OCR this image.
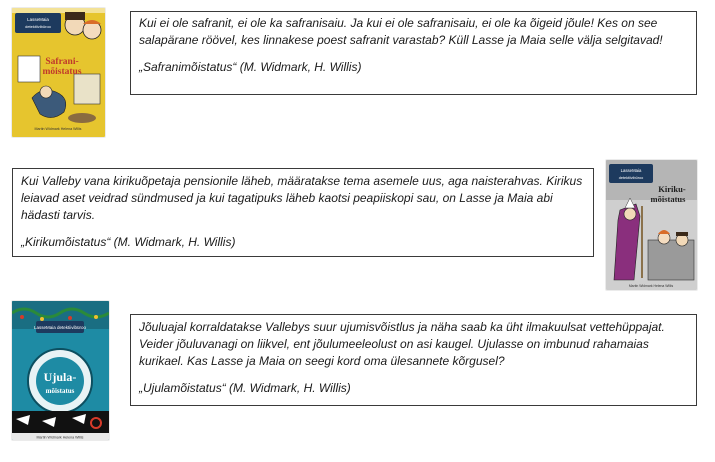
LasseMaia
detektiivibüroo
Safrani-
mõistatus
Martin Widmark Helena Willis

Kui ei ole safranit, ei ole ka safranisaiu. Ja kui ei ole safranisaiu, ei ole ka õigeid jõule! Kes on see salapärane röövel, kes linnakese poest safranit varastab? Küll Lasse ja Maia selle välja selgitavad!

„Safranimõistatus“ (M. Widmark, H. Willis)

Kui Valleby vana kirikuõpetaja pensionile läheb, määratakse tema asemele uus, aga naisterahvas. Kirikus leiavad aset veidrad sündmused ja kui tagatipuks läheb kaotsi peapiiskopi sau, on Lasse ja Maia abi hädasti tarvis.

„Kirikumõistatus“ (M. Widmark, H. Willis)

LasseMaia
detektiivibüroo
Kiriku-
mõistatus
Martin Widmark Helena Willis
LasseMaia detektiivibüroo
Ujula-
mõistatus
Martin Widmark Helena Willis

Jõuluajal korraldatakse Vallebys suur ujumisvõistlus ja näha saab ka üht ilmakuulsat vettehüppajat. Veider jõuluvanagi on liikvel, ent jõulumeeleolust on asi kaugel. Ujulasse on imbunud rahamaias kurikael. Kas Lasse ja Maia on seegi kord oma ülesannete kõrgusel?

„Ujulamõistatus“ (M. Widmark, H. Willis)
